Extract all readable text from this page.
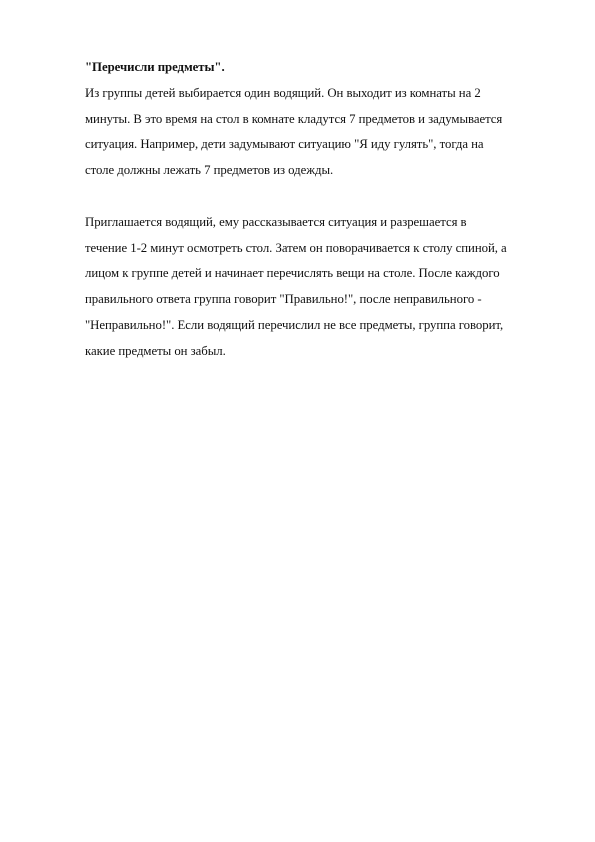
"Перечисли предметы".

Из группы детей выбирается один водящий. Он выходит из комнаты на 2
минуты. В это время на стол в комнате кладутся 7 предметов и задумывается
ситуация. Например, дети задумывают ситуацию "Я иду гулять", тогда на
столе должны лежать 7 предметов из одежды.
Приглашается водящий, ему рассказывается ситуация и разрешается в
течение 1-2 минут осмотреть стол. Затем он поворачивается к столу спиной, а
лицом к группе детей и начинает перечислять вещи на столе. После каждого
правильного ответа группа говорит "Правильно!", после неправильного -
"Неправильно!". Если водящий перечислил не все предметы, группа говорит,
какие предметы он забыл.
